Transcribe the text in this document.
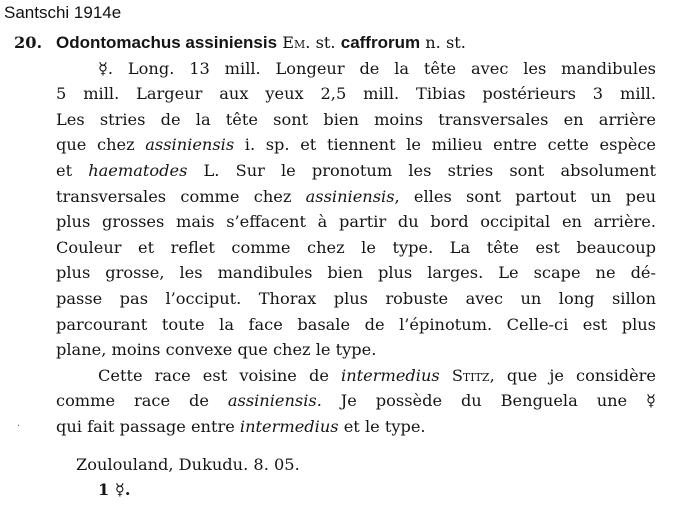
Santschi 1914e
·
20. Odontomachus assiniensis Em. st. caffrorum n. st.
☿. Long. 13 mill. Longeur de la tête avec les mandibules
5 mill. Largeur aux yeux 2,5 mill. Tibias postérieurs 3 mill.
Les stries de la tête sont bien moins transversales en arrière
que chez assiniensis i. sp. et tiennent le milieu entre cette espèce
et haematodes L. Sur le pronotum les stries sont absolument
transversales comme chez assiniensis, elles sont partout un peu
plus grosses mais s’effacent à partir du bord occipital en arrière.
Couleur et reflet comme chez le type. La tête est beaucoup
plus grosse, les mandibules bien plus larges. Le scape ne dé-
passe pas l’occiput. Thorax plus robuste avec un long sillon
parcourant toute la face basale de l’épinotum. Celle-ci est plus
plane, moins convexe que chez le type.
Cette race est voisine de intermedius Stitz, que je considère
comme race de assiniensis. Je possède du Benguela une ☿
qui fait passage entre intermedius et le type.
Zoulouland, Dukudu. 8. 05.
1 ☿.
